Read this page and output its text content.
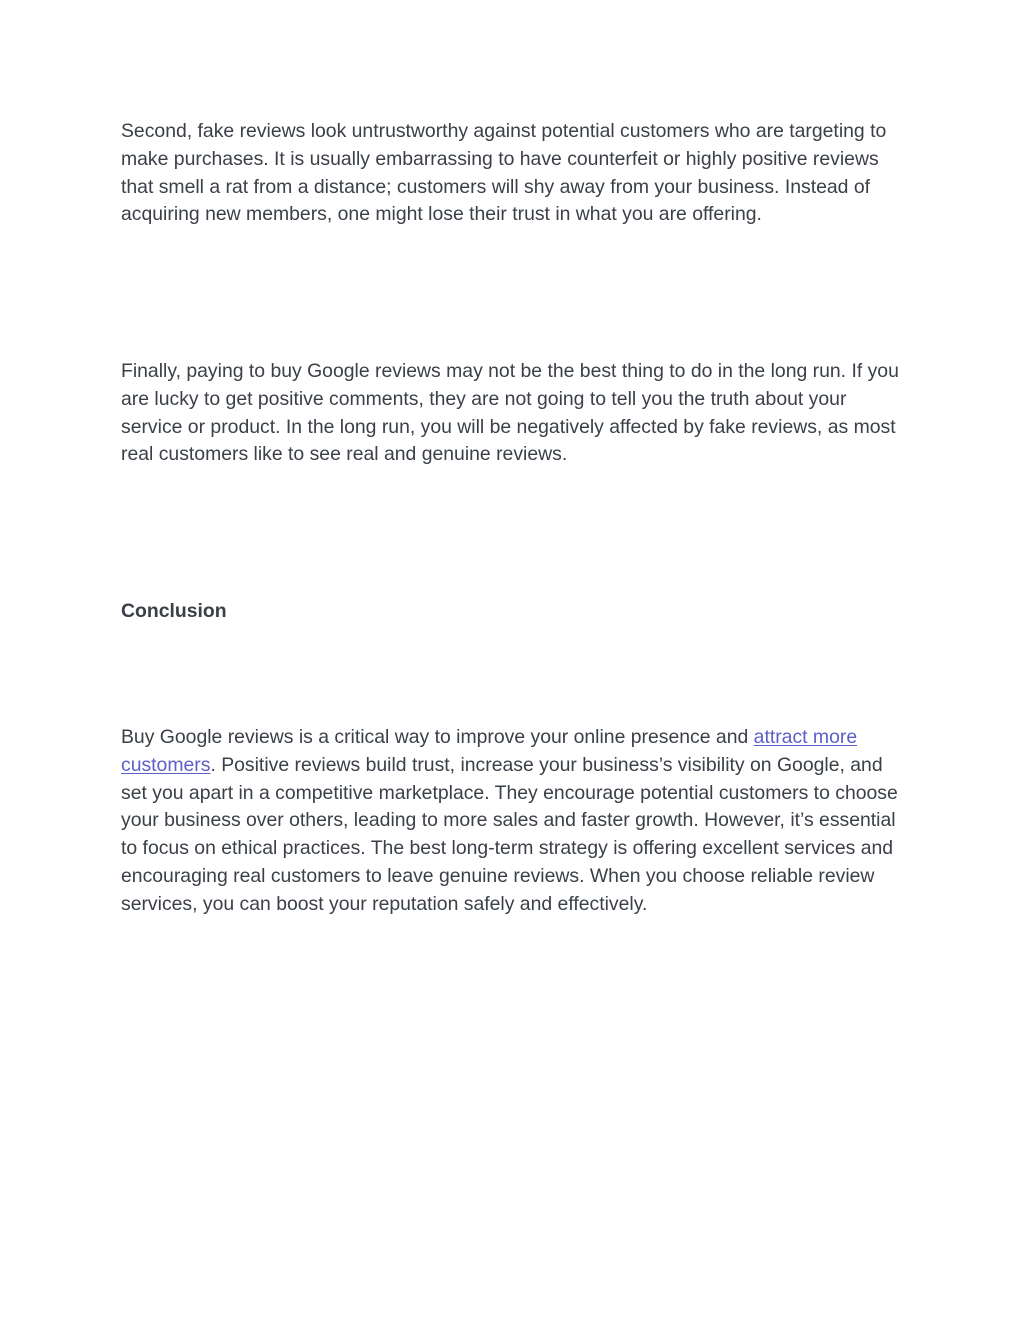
Second, fake reviews look untrustworthy against potential customers who are targeting to make purchases. It is usually embarrassing to have counterfeit or highly positive reviews that smell a rat from a distance; customers will shy away from your business. Instead of acquiring new members, one might lose their trust in what you are offering.

Finally, paying to buy Google reviews may not be the best thing to do in the long run. If you are lucky to get positive comments, they are not going to tell you the truth about your service or product. In the long run, you will be negatively affected by fake reviews, as most real customers like to see real and genuine reviews.

Conclusion

Buy Google reviews is a critical way to improve your online presence and attract more customers. Positive reviews build trust, increase your business’s visibility on Google, and set you apart in a competitive marketplace. They encourage potential customers to choose your business over others, leading to more sales and faster growth. However, it’s essential to focus on ethical practices. The best long-term strategy is offering excellent services and encouraging real customers to leave genuine reviews. When you choose reliable review services, you can boost your reputation safely and effectively.
